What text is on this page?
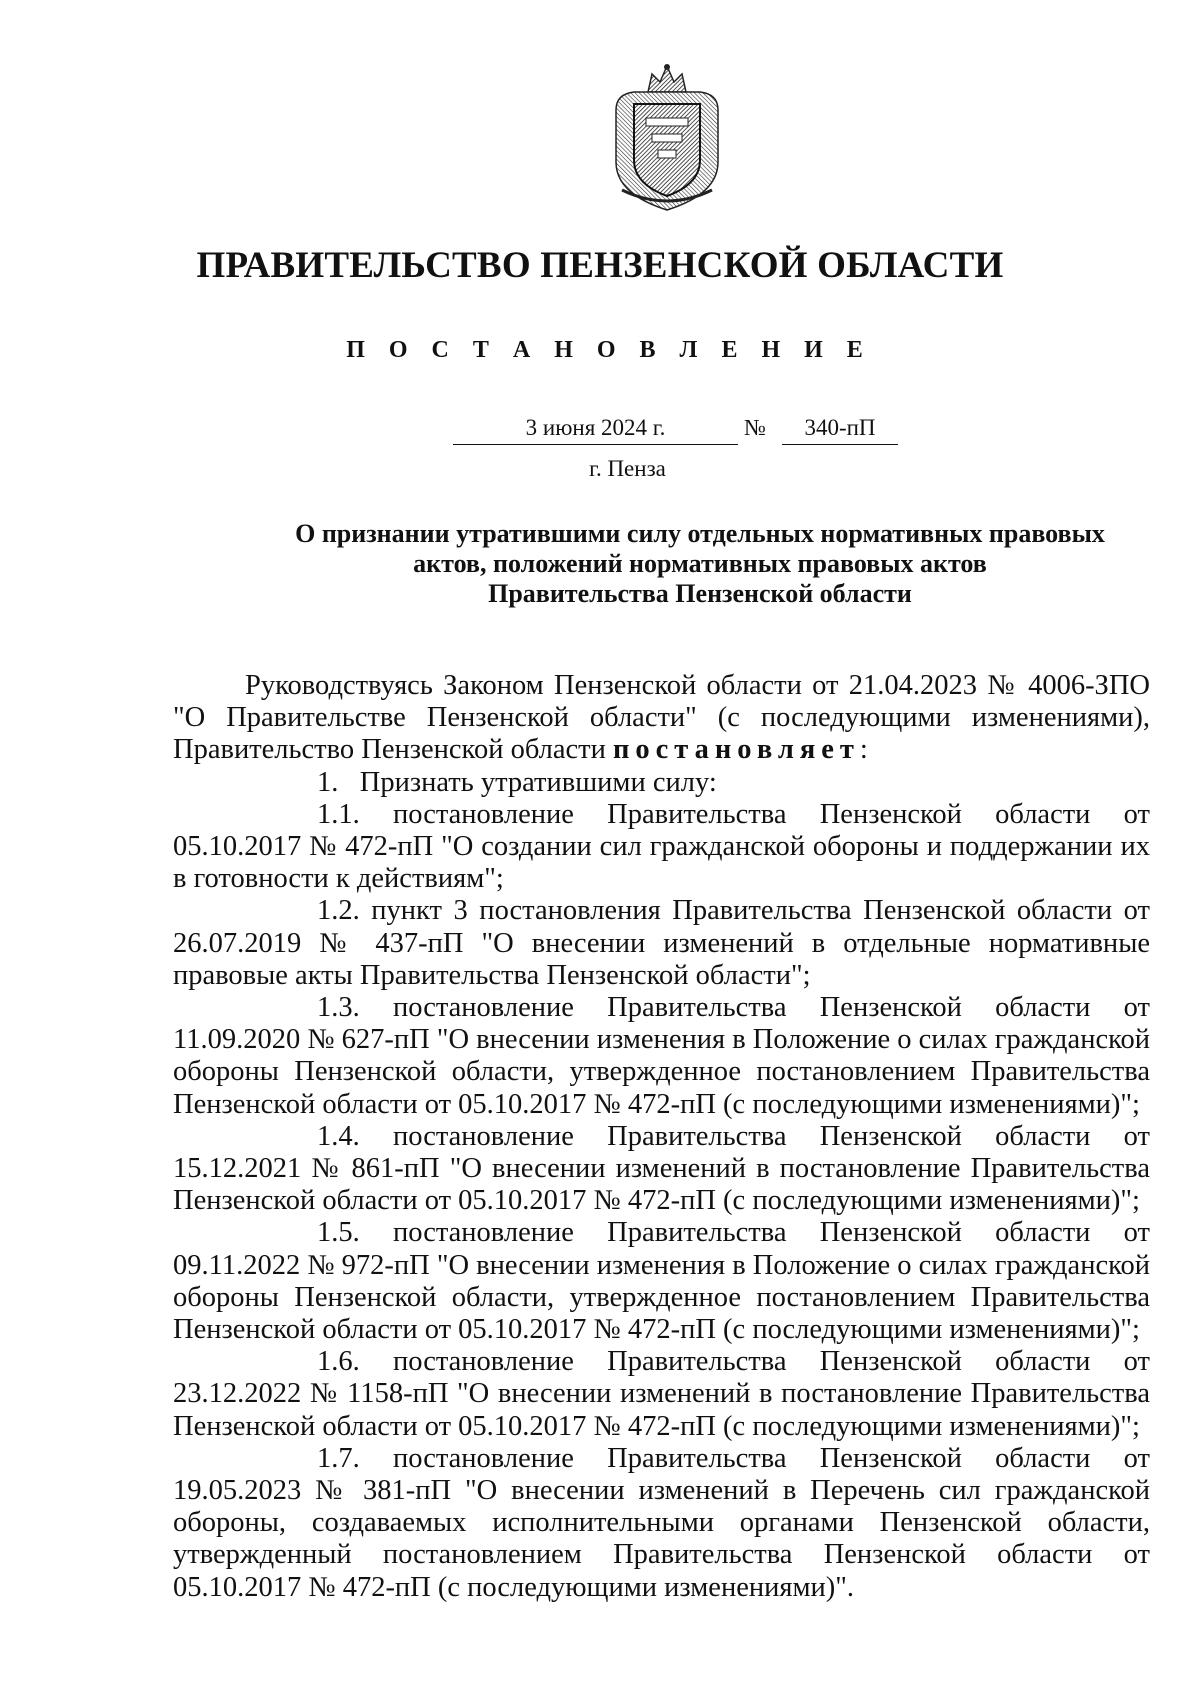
ПРАВИТЕЛЬСТВО ПЕНЗЕНСКОЙ ОБЛАСТИ
П О С Т А Н О В Л Е Н И Е
3 июня 2024 г.	№	340-пП
г. Пенза
О признании утратившими силу отдельных нормативных правовых
актов, положений нормативных правовых актов
Правительства Пензенской области

Руководствуясь Законом Пензенской области от 21.04.2023 № 4006-ЗПО "О Правительстве Пензенской области" (с последующими изменениями), Правительство Пензенской области постановляет:

1. Признать утратившими силу:

1.1. постановление Правительства Пензенской области от 05.10.2017 № 472-пП "О создании сил гражданской обороны и поддержании их в готовности к действиям";

1.2. пункт 3 постановления Правительства Пензенской области от 26.07.2019 № 437-пП "О внесении изменений в отдельные нормативные правовые акты Правительства Пензенской области";

1.3. постановление Правительства Пензенской области от 11.09.2020 № 627-пП "О внесении изменения в Положение о силах гражданской обороны Пензенской области, утвержденное постановлением Правительства Пензенской области от 05.10.2017 № 472-пП (с последующими изменениями)";

1.4. постановление Правительства Пензенской области от 15.12.2021 № 861-пП "О внесении изменений в постановление Правительства Пензенской области от 05.10.2017 № 472-пП (с последующими изменениями)";

1.5. постановление Правительства Пензенской области от 09.11.2022 № 972-пП "О внесении изменения в Положение о силах гражданской обороны Пензенской области, утвержденное постановлением Правительства Пензенской области от 05.10.2017 № 472-пП (с последующими изменениями)";

1.6. постановление Правительства Пензенской области от 23.12.2022 № 1158-пП "О внесении изменений в постановление Правительства Пензенской области от 05.10.2017 № 472-пП (с последующими изменениями)";

1.7. постановление Правительства Пензенской области от 19.05.2023 № 381-пП "О внесении изменений в Перечень сил гражданской обороны, создаваемых исполнительными органами Пензенской области, утвержденный постановлением Правительства Пензенской области от 05.10.2017 № 472-пП (с последующими изменениями)".
